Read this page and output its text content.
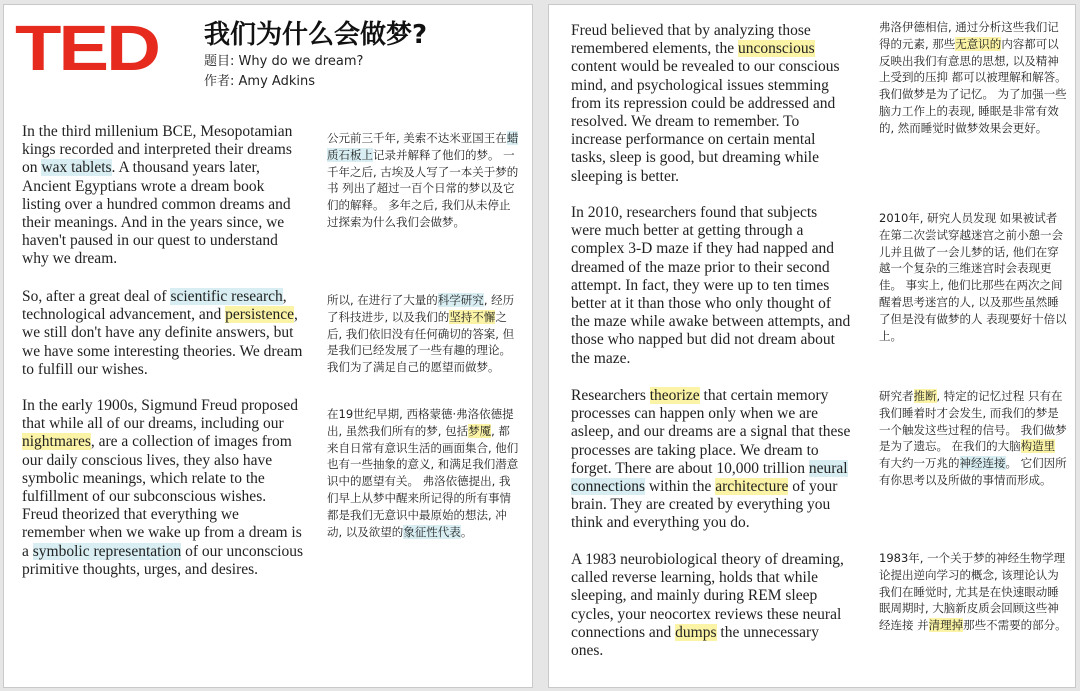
TED 我们为什么会做梦?
题目: Why do we dream?
作者: Amy Adkins
In the third millenium BCE, Mesopotamian kings recorded and interpreted their dreams on wax tablets. A thousand years later, Ancient Egyptians wrote a dream book listing over a hundred common dreams and their meanings. And in the years since, we haven't paused in our quest to understand why we dream.
公元前三千年, 美索不达米亚国王在蜡质石板上记录并解释了他们的梦。 一千年之后, 古埃及人写了一本关于梦的书 列出了超过一百个日常的梦以及它们的解释。 多年之后, 我们从未停止过探索为什么我们会做梦。
So, after a great deal of scientific research, technological advancement, and persistence, we still don't have any definite answers, but we have some interesting theories. We dream to fulfill our wishes.
所以, 在进行了大量的科学研究, 经历了科技进步, 以及我们的坚持不懈之后, 我们依旧没有任何确切的答案, 但是我们已经发展了一些有趣的理论。 我们为了满足自己的愿望而做梦。
In the early 1900s, Sigmund Freud proposed that while all of our dreams, including our nightmares, are a collection of images from our daily conscious lives, they also have symbolic meanings, which relate to the fulfillment of our subconscious wishes. Freud theorized that everything we remember when we wake up from a dream is a symbolic representation of our unconscious primitive thoughts, urges, and desires.
在19世纪早期, 西格蒙德·弗洛依德提出, 虽然我们所有的梦, 包括梦魇, 都来自日常有意识生活的画面集合, 他们也有一些抽象的意义, 和满足我们潜意识中的愿望有关。 弗洛依德提出, 我们早上从梦中醒来所记得的所有事情 都是我们无意识中最原始的想法, 冲动, 以及欲望的象征性代表。
Freud believed that by analyzing those remembered elements, the unconscious content would be revealed to our conscious mind, and psychological issues stemming from its repression could be addressed and resolved. We dream to remember. To increase performance on certain mental tasks, sleep is good, but dreaming while sleeping is better.
弗洛伊德相信, 通过分析这些我们记得的元素, 那些无意识的内容都可以反映出我们有意思的思想, 以及精神上受到的压抑 都可以被理解和解答。 我们做梦是为了记忆。 为了加强一些脑力工作上的表现, 睡眠是非常有效的, 然而睡觉时做梦效果会更好。
In 2010, researchers found that subjects were much better at getting through a complex 3-D maze if they had napped and dreamed of the maze prior to their second attempt. In fact, they were up to ten times better at it than those who only thought of the maze while awake between attempts, and those who napped but did not dream about the maze.
2010年, 研究人员发现 如果被试者在第二次尝试穿越迷宫之前小憩一会儿并且做了一会儿梦的话, 他们在穿越一个复杂的三维迷宫时会表现更佳。 事实上, 他们比那些在两次之间醒着思考迷宫的人, 以及那些虽然睡了但是没有做梦的人 表现要好十倍以上。
Researchers theorize that certain memory processes can happen only when we are asleep, and our dreams are a signal that these processes are taking place. We dream to forget. There are about 10,000 trillion neural connections within the architecture of your brain. They are created by everything you think and everything you do.
研究者推断, 特定的记忆过程 只有在我们睡着时才会发生, 而我们的梦是一个触发这些过程的信号。 我们做梦是为了遗忘。 在我们的大脑构造里 有大约一万兆的神经连接。 它们因所有你思考以及所做的事情而形成。
A 1983 neurobiological theory of dreaming, called reverse learning, holds that while sleeping, and mainly during REM sleep cycles, your neocortex reviews these neural connections and dumps the unnecessary ones.
1983年, 一个关于梦的神经生物学理论提出逆向学习的概念, 该理论认为我们在睡觉时, 尤其是在快速眼动睡眠周期时, 大脑新皮质会回顾这些神经连接 并清理掉那些不需要的部分。
